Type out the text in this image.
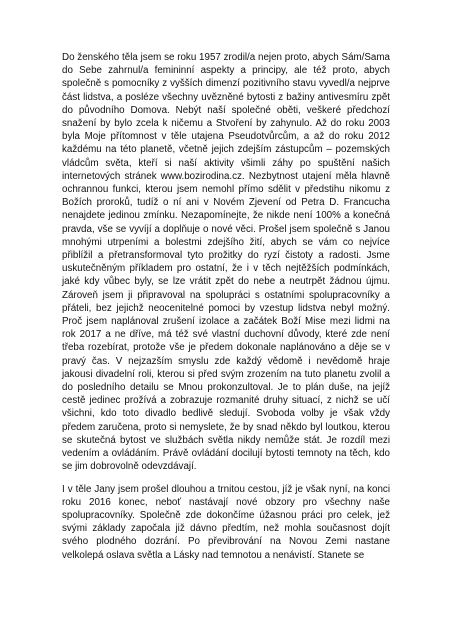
Do ženského těla jsem se roku 1957 zrodil/a nejen proto, abych Sám/Sama do Sebe zahrnul/a femininní aspekty a principy, ale též proto, abych společně s pomocníky z vyšších dimenzí pozitivního stavu vyvedl/a nejprve část lidstva, a posléze všechny uvězněné bytosti z bažiny antivesmíru zpět do původního Domova. Nebýt naší společné oběti, veškeré předchozí snažení by bylo zcela k ničemu a Stvoření by zahynulo. Až do roku 2003 byla Moje přítomnost v těle utajena Pseudotvůrcům, a až do roku 2012 každému na této planetě, včetně jejich zdejším zástupcům – pozemských vládcům světa, kteří si naší aktivity všimli záhy po spuštění našich internetových stránek www.bozirodina.cz. Nezbytnost utajení měla hlavně ochrannou funkci, kterou jsem nemohl přímo sdělit v předstihu nikomu z Božích proroků, tudíž o ní ani v Novém Zjevení od Petra D. Francucha nenajdete jedinou zmínku. Nezapomínejte, že nikde není 100% a konečná pravda, vše se vyvíjí a doplňuje o nové věci. Prošel jsem společně s Janou mnohými utrpeními a bolestmi zdejšího žití, abych se vám co nejvíce přiblížil a přetransformoval tyto prožitky do ryzí čistoty a radosti. Jsme uskutečněným příkladem pro ostatní, že i v těch nejtěžších podmínkách, jaké kdy vůbec byly, se lze vrátit zpět do nebe a neutrpět žádnou újmu. Zároveň jsem ji připravoval na spolupráci s ostatními spolupracovníky a přáteli, bez jejichž neocenitelné pomoci by vzestup lidstva nebyl možný. Proč jsem naplánoval zrušení izolace a začátek Boží Mise mezi lidmi na rok 2017 a ne dříve, má též své vlastní duchovní důvody, které zde není třeba rozebírat, protože vše je předem dokonale naplánováno a děje se v pravý čas. V nejzazším smyslu zde každý vědomě i nevědomě hraje jakousi divadelní roli, kterou si před svým zrozením na tuto planetu zvolil a do posledního detailu se Mnou prokonzultoval. Je to plán duše, na jejíž cestě jedinec prožívá a zobrazuje rozmanité druhy situací, z nichž se učí všichni, kdo toto divadlo bedlivě sledují. Svoboda volby je však vždy předem zaručena, proto si nemyslete, že by snad někdo byl loutkou, kterou se skutečná bytost ve službách světla nikdy nemůže stát. Je rozdíl mezi vedením a ovládáním. Právě ovládání docilují bytosti temnoty na těch, kdo se jim dobrovolně odevzdávají.

I v těle Jany jsem prošel dlouhou a trnitou cestou, jíž je však nyní, na konci roku 2016 konec, neboť nastávají nové obzory pro všechny naše spolupracovníky. Společně zde dokončíme úžasnou práci pro celek, jež svými základy započala již dávno předtím, než mohla současnost dojít svého plodného dozrání. Po převibrování na Novou Zemi nastane velkolepá oslava světla a Lásky nad temnotou a nenávistí. Stanete se
